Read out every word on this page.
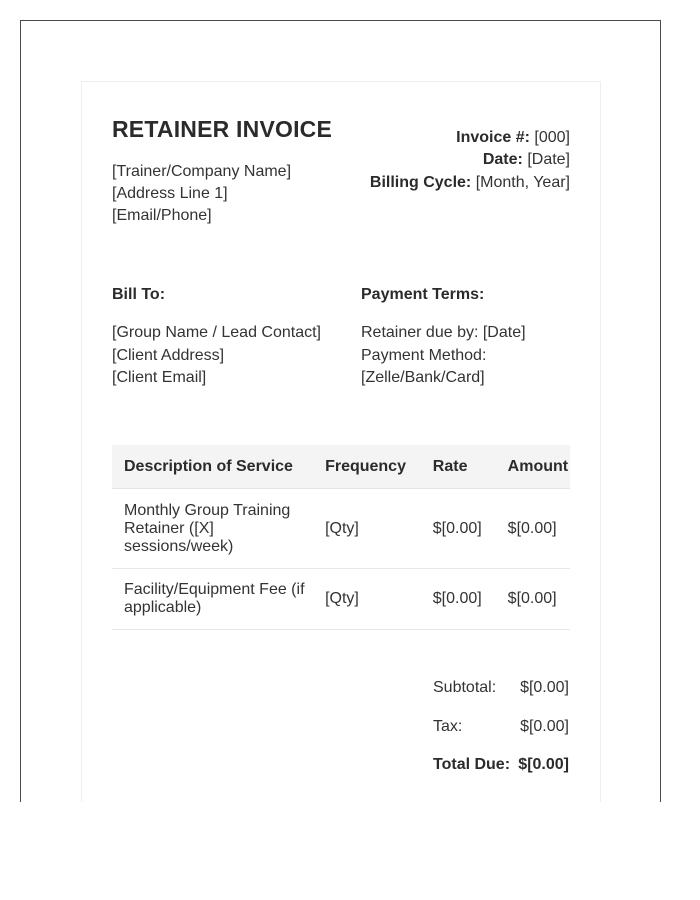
RETAINER INVOICE
[Trainer/Company Name]
[Address Line 1]
[Email/Phone]
Invoice #: [000]
Date: [Date]
Billing Cycle: [Month, Year]
Bill To:
[Group Name / Lead Contact]
[Client Address]
[Client Email]
Payment Terms:
Retainer due by: [Date]
Payment Method:
[Zelle/Bank/Card]
Description of Service	Frequency	Rate	Amount
Monthly Group Training Retainer ([X] sessions/week)	[Qty]	$[0.00]	$[0.00]
Facility/Equipment Fee (if applicable)	[Qty]	$[0.00]	$[0.00]
Subtotal: $[0.00]
Tax:	$[0.00]
Total Due: $[0.00]
